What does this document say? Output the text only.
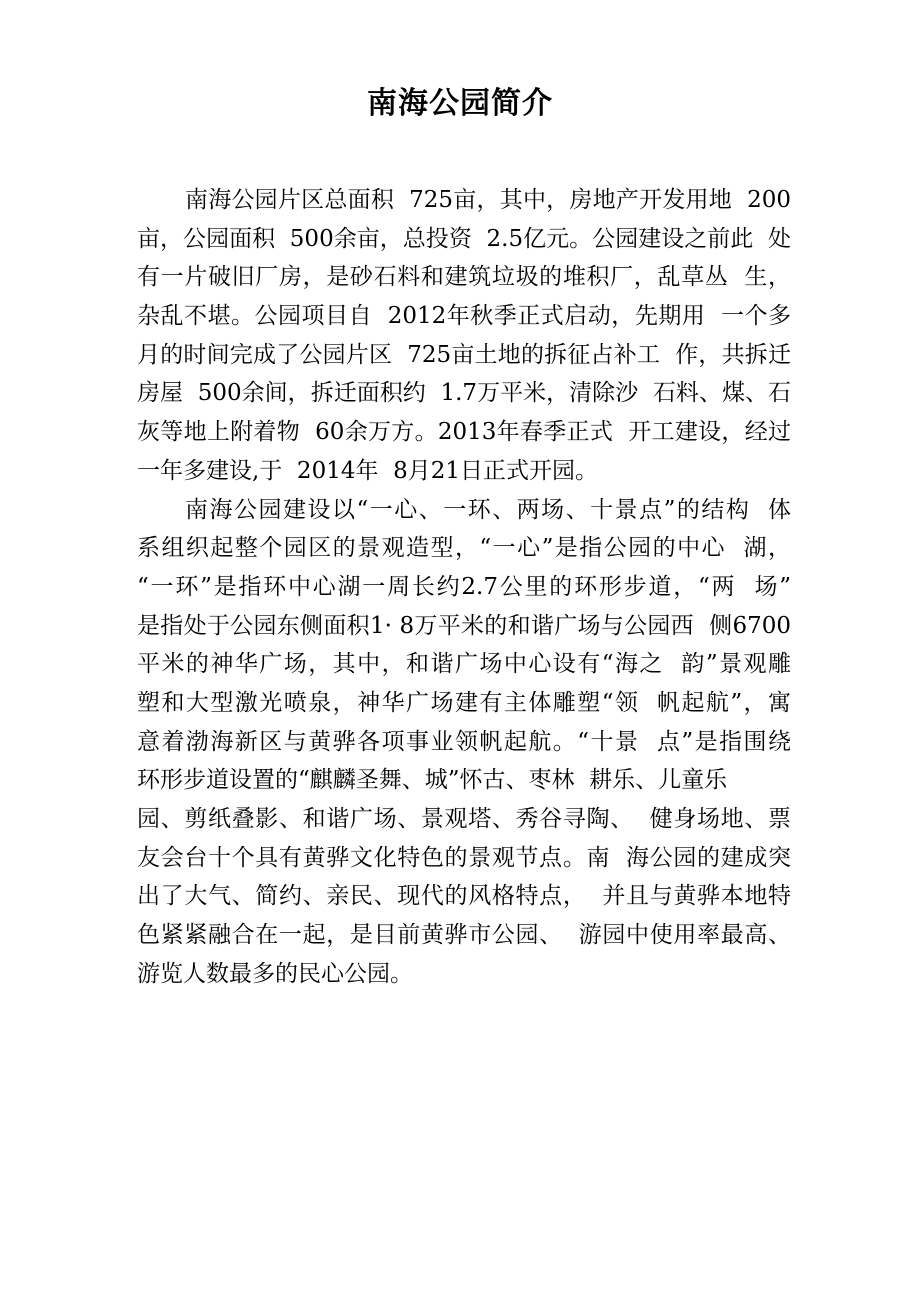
南海公园简介

南海公园片区总面积  725亩，其中，房地产开发用地  200

亩，公园面积  500余亩，总投资  2.5亿元。公园建设之前此  处

有一片破旧厂房，是砂石料和建筑垃圾的堆积厂，乱草丛  生，

杂乱不堪。公园项目自  2012年秋季正式启动，先期用  一个多

月的时间完成了公园片区  725亩土地的拆征占补工  作，共拆迁

房屋  500余间，拆迁面积约  1.7万平米，清除沙  石料、煤、石

灰等地上附着物  60余万方。2013年春季正式  开工建设，经过

一年多建设,于  2014年  8月21日正式开园。

南海公园建设以“一心、一环、两场、十景点”的结构  体

系组织起整个园区的景观造型，“一心”是指公园的中心  湖，

“一环”是指环中心湖一周长约2.7公里的环形步道，“两  场”

是指处于公园东侧面积1· 8万平米的和谐广场与公园西  侧6700

平米的神华广场，其中，和谐广场中心设有“海之  韵”景观雕

塑和大型激光喷泉，神华广场建有主体雕塑“领  帆起航”，寓

意着渤海新区与黄骅各项事业领帆起航。“十景  点”是指围绕

环形步道设置的“麒麟圣舞、城”怀古、枣林  耕乐、儿童乐

园、剪纸叠影、和谐广场、景观塔、秀谷寻陶、  健身场地、票

友会台十个具有黄骅文化特色的景观节点。南  海公园的建成突

出了大气、简约、亲民、现代的风格特点，  并且与黄骅本地特

色紧紧融合在一起，是目前黄骅市公园、  游园中使用率最高、

游览人数最多的民心公园。
